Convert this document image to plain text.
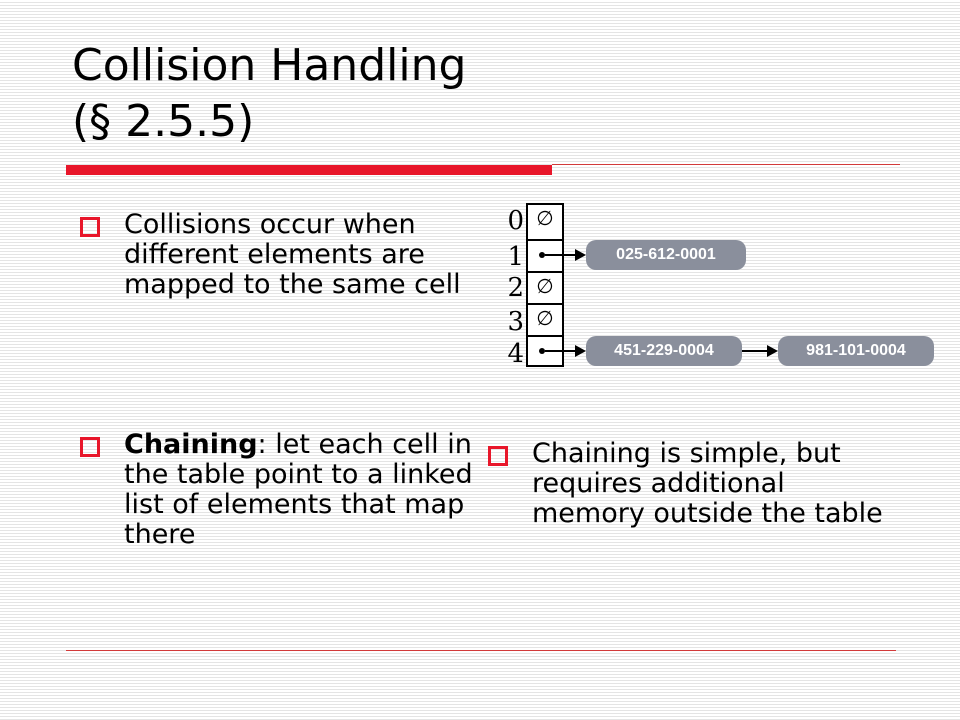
Collision Handling
(§ 2.5.5)
Collisions occur when different elements are mapped to the same cell
Chaining: let each cell in the table point to a linked list of elements that map there
Chaining is simple, but requires additional memory outside the table
0
1
2
3
4
∅
∅
∅
025-612-0001
451-229-0004	981-101-0004
